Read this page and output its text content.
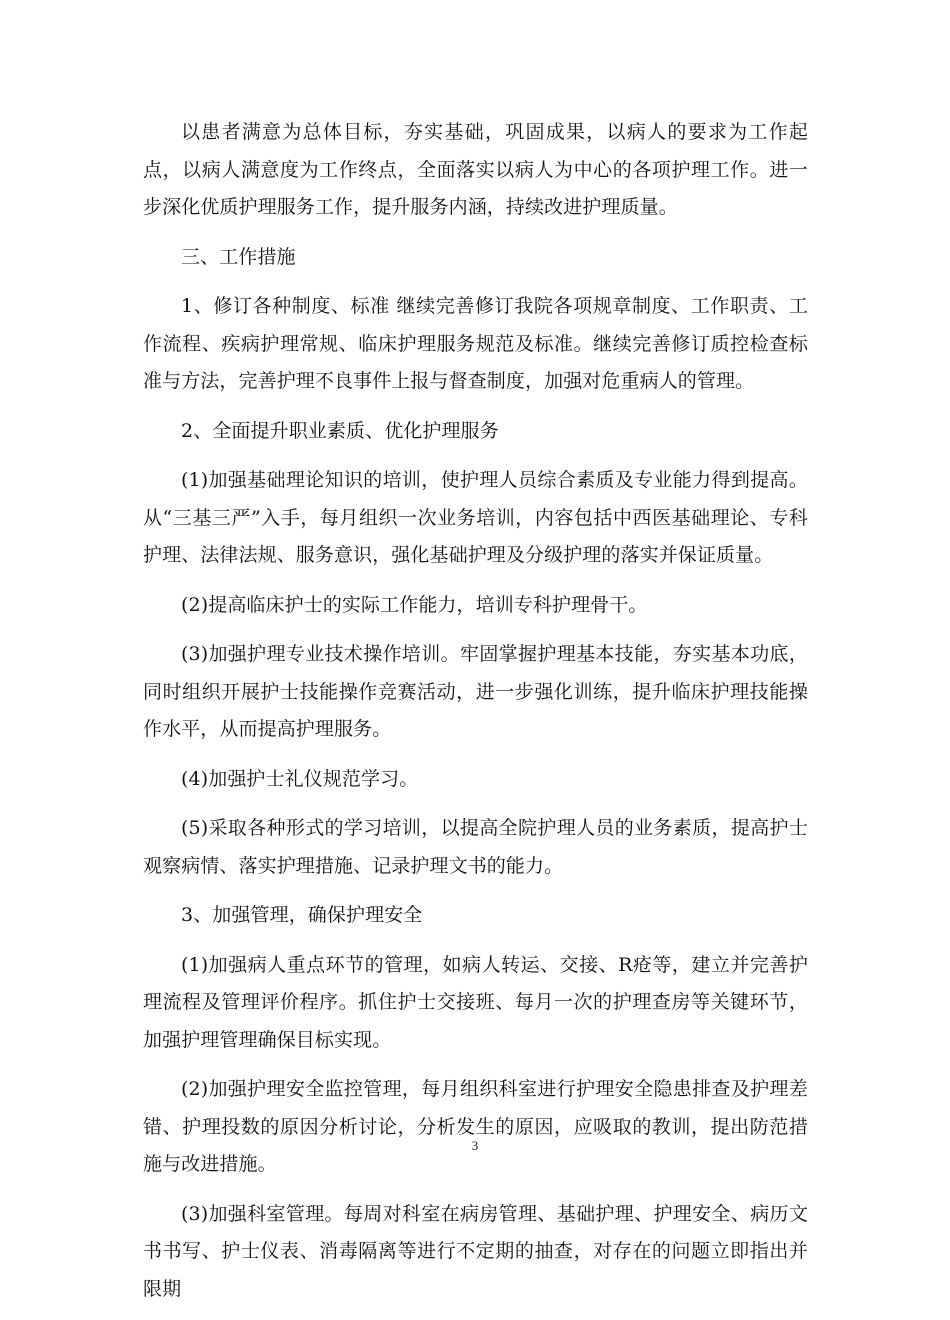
以患者满意为总体目标，夯实基础，巩固成果，以病人的要求为工作起点，以病人满意度为工作终点，全面落实以病人为中心的各项护理工作。进一步深化优质护理服务工作，提升服务内涵，持续改进护理质量。

三、工作措施

1、修订各种制度、标准 继续完善修订我院各项规章制度、工作职责、工作流程、疾病护理常规、临床护理服务规范及标准。继续完善修订质控检查标准与方法，完善护理不良事件上报与督查制度，加强对危重病人的管理。

2、全面提升职业素质、优化护理服务

(1)加强基础理论知识的培训，使护理人员综合素质及专业能力得到提高。从“三基三严”入手，每月组织一次业务培训，内容包括中西医基础理论、专科护理、法律法规、服务意识，强化基础护理及分级护理的落实并保证质量。

(2)提高临床护士的实际工作能力，培训专科护理骨干。

(3)加强护理专业技术操作培训。牢固掌握护理基本技能，夯实基本功底，同时组织开展护士技能操作竞赛活动，进一步强化训练，提升临床护理技能操作水平，从而提高护理服务。

(4)加强护士礼仪规范学习。

(5)采取各种形式的学习培训，以提高全院护理人员的业务素质，提高护士观察病情、落实护理措施、记录护理文书的能力。

3、加强管理，确保护理安全

(1)加强病人重点环节的管理，如病人转运、交接、R疮等，建立并完善护理流程及管理评价程序。抓住护士交接班、每月一次的护理查房等关键环节，加强护理管理确保目标实现。

(2)加强护理安全监控管理，每月组织科室进行护理安全隐患排查及护理差错、护理投数的原因分析讨论，分析发生的原因，应吸取的教训，提出防范措施与改进措施。

(3)加强科室管理。每周对科室在病房管理、基础护理、护理安全、病历文书书写、护士仪表、消毒隔离等进行不定期的抽查，对存在的问题立即指出并限期

3
